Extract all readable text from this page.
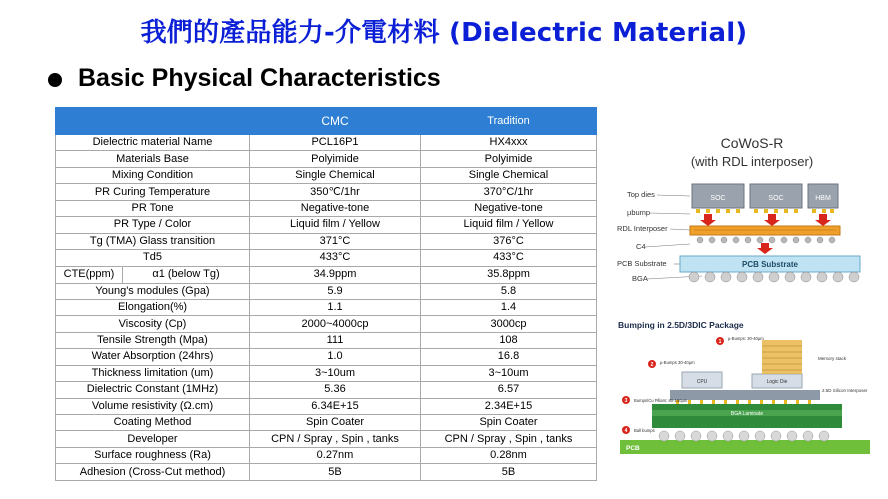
我們的產品能力-介電材料 (Dielectric Material)
Basic Physical Characteristics
	CMC	Tradition
Dielectric material Name	PCL16P1	HX4xxx
Materials Base	Polyimide	Polyimide
Mixing Condition	Single Chemical	Single Chemical
PR Curing Temperature	350℃/1hr	370°C/1hr
PR Tone	Negative-tone	Negative-tone
PR Type / Color	Liquid film / Yellow	Liquid film / Yellow
Tg (TMA) Glass transition	371°C	376°C
Td5	433°C	433°C

CTE(ppm) α1 (below Tg)	34.9ppm	35.8ppm
Young's modules (Gpa)	5.9	5.8
Elongation(%)	1.1	1.4
Viscosity (Cp)	2000~4000cp	3000cp
Tensile Strength (Mpa)	111	108
Water Absorption (24hrs)	1.0	16.8
Thickness limitation (um)	3~10um	3~10um
Dielectric Constant (1MHz)	5.36	6.57
Volume resistivity (Ω.cm)	6.34E+15	2.34E+15
Coating Method	Spin Coater	Spin Coater
Developer	CPN / Spray , Spin , tanks	CPN / Spray , Spin , tanks
Surface roughness (Ra)	0.27nm	0.28nm
Adhesion (Cross-Cut method)	5B	5B
CoWoS-R
(with RDL interposer)
Top dies
µbump
RDL Interposer
C4
PCB Substrate
BGA
SOC	SOC	HBM
PCB Substrate
Bumping in 2.5D/3DIC Package
PCB
BGA Laminate
CPU	Logic Die
Memory stack
2.5D Silicon Interposer
µ-Bumps: 30-40µm
µ-Bumps 30-40µm
Bumps/Cu Pillars: 80-150µm
Ball bumps
1
2
3
4
